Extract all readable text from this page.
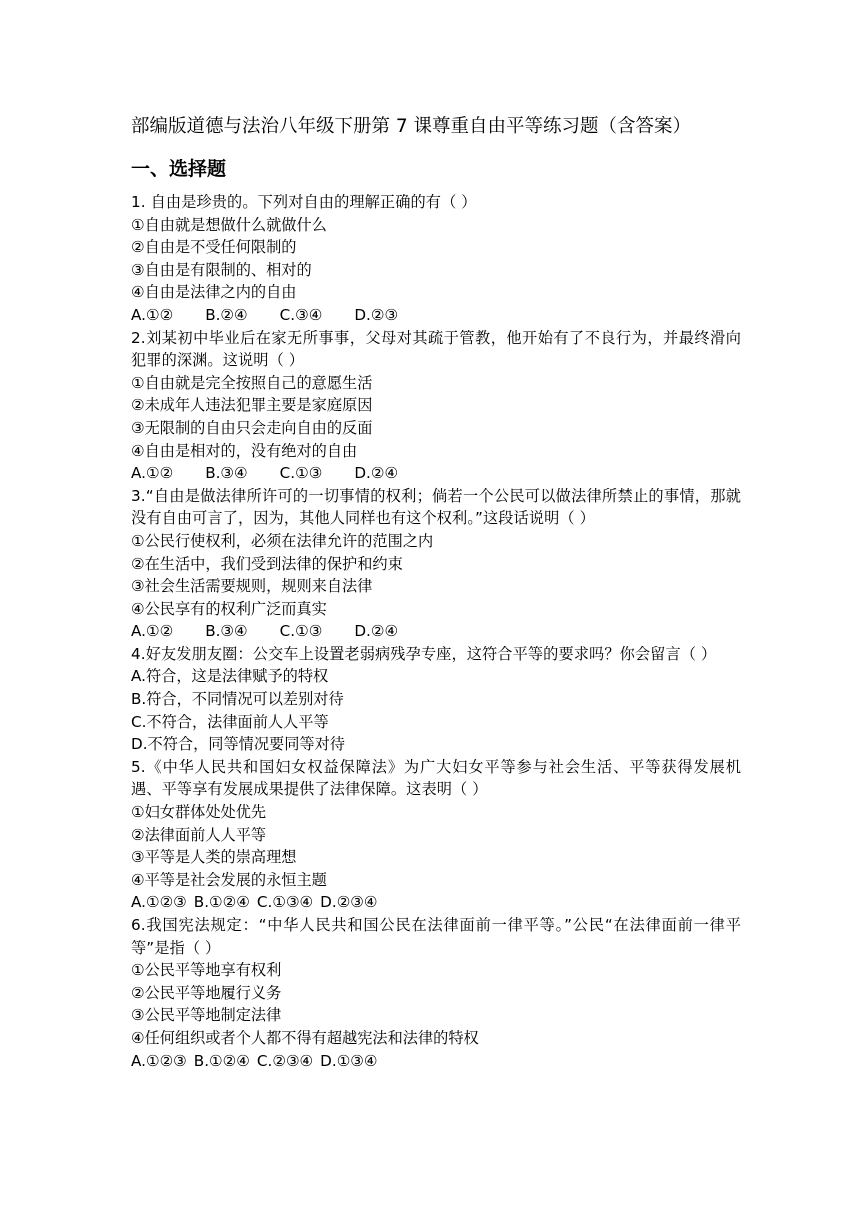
部编版道德与法治八年级下册第 7 课尊重自由平等练习题（含答案）
一、选择题
1. 自由是珍贵的。下列对自由的理解正确的有（ ）
①自由就是想做什么就做什么
②自由是不受任何限制的
③自由是有限制的、相对的
④自由是法律之内的自由
A.①② B.②④ C.③④ D.②③
2.刘某初中毕业后在家无所事事，父母对其疏于管教，他开始有了不良行为，并最终滑向犯罪的深渊。这说明（ ）
①自由就是完全按照自己的意愿生活
②未成年人违法犯罪主要是家庭原因
③无限制的自由只会走向自由的反面
④自由是相对的，没有绝对的自由
A.①② B.③④ C.①③ D.②④
3.“自由是做法律所许可的一切事情的权利；倘若一个公民可以做法律所禁止的事情，那就没有自由可言了，因为，其他人同样也有这个权利。”这段话说明（ ）
①公民行使权利，必须在法律允许的范围之内
②在生活中，我们受到法律的保护和约束
③社会生活需要规则，规则来自法律
④公民享有的权利广泛而真实
A.①② B.③④ C.①③ D.②④
4.好友发朋友圈：公交车上设置老弱病残孕专座，这符合平等的要求吗？你会留言（ ）
A.符合，这是法律赋予的特权
B.符合，不同情况可以差别对待
C.不符合，法律面前人人平等
D.不符合，同等情况要同等对待
5.《中华人民共和国妇女权益保障法》为广大妇女平等参与社会生活、平等获得发展机遇、平等享有发展成果提供了法律保障。这表明（ ）
①妇女群体处处优先
②法律面前人人平等
③平等是人类的崇高理想
④平等是社会发展的永恒主题
A.①②③ B.①②④ C.①③④ D.②③④
6.我国宪法规定：“中华人民共和国公民在法律面前一律平等。”公民“在法律面前一律平等”是指（ ）
①公民平等地享有权利
②公民平等地履行义务
③公民平等地制定法律
④任何组织或者个人都不得有超越宪法和法律的特权
A.①②③ B.①②④ C.②③④ D.①③④
